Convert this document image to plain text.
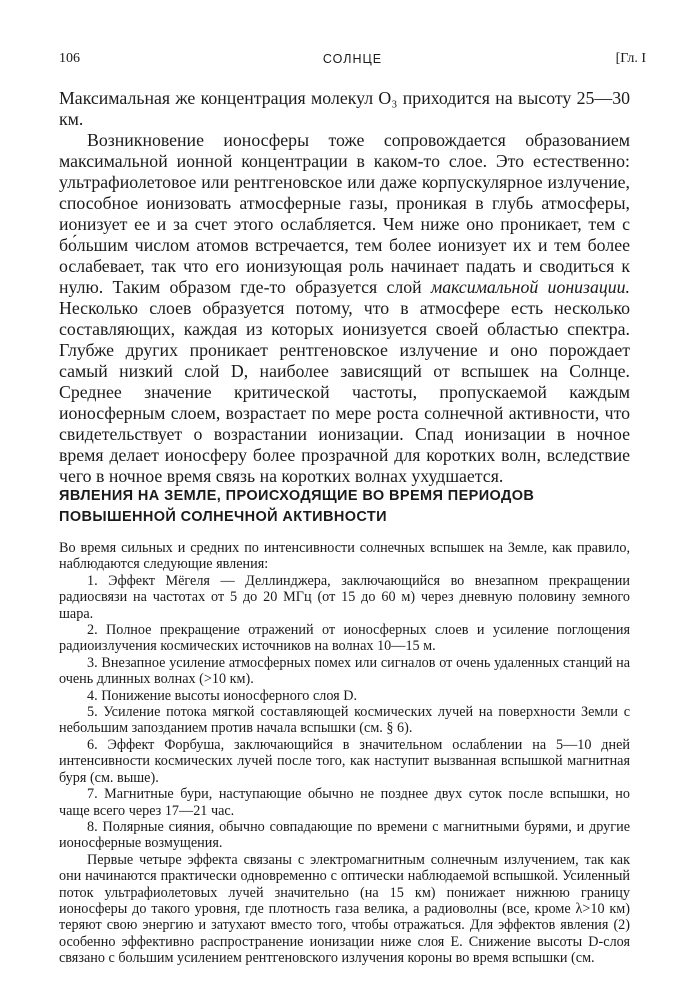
106	СОЛНЦЕ	[Гл. I

Максимальная же концентрация молекул O₃ приходится на высоту 25—30 км.

Возникновение ионосферы тоже сопровождается образованием максимальной ионной концентрации в каком-то слое. Это естественно: ультрафиолетовое или рентгеновское или даже корпускулярное излучение, способное ионизовать атмосферные газы, проникая в глубь атмосферы, ионизует ее и за счет этого ослабляется. Чем ниже оно проникает, тем с бо́льшим числом атомов встречается, тем более ионизует их и тем более ослабевает, так что его ионизующая роль начинает падать и сводиться к нулю. Таким образом где-то образуется слой максимальной ионизации. Несколько слоев образуется потому, что в атмосфере есть несколько составляющих, каждая из которых ионизуется своей областью спектра. Глубже других проникает рентгеновское излучение и оно порождает самый низкий слой D, наиболее зависящий от вспышек на Солнце. Среднее значение критической частоты, пропускаемой каждым ионосферным слоем, возрастает по мере роста солнечной активности, что свидетельствует о возрастании ионизации. Спад ионизации в ночное время делает ионосферу более прозрачной для коротких волн, вследствие чего в ночное время связь на коротких волнах ухудшается.

ЯВЛЕНИЯ НА ЗЕМЛЕ, ПРОИСХОДЯЩИЕ ВО ВРЕМЯ ПЕРИОДОВ ПОВЫШЕННОЙ СОЛНЕЧНОЙ АКТИВНОСТИ

Во время сильных и средних по интенсивности солнечных вспышек на Земле, как правило, наблюдаются следующие явления:

1. Эффект Мёгеля — Деллинджера, заключающийся во внезапном прекращении радиосвязи на частотах от 5 до 20 МГц (от 15 до 60 м) через дневную половину земного шара.

2. Полное прекращение отражений от ионосферных слоев и усиление поглощения радиоизлучения космических источников на волнах 10—15 м.

3. Внезапное усиление атмосферных помех или сигналов от очень удаленных станций на очень длинных волнах (>10 км).

4. Понижение высоты ионосферного слоя D.

5. Усиление потока мягкой составляющей космических лучей на поверхности Земли с небольшим запозданием против начала вспышки (см. § 6).

6. Эффект Форбуша, заключающийся в значительном ослаблении на 5—10 дней интенсивности космических лучей после того, как наступит вызванная вспышкой магнитная буря (см. выше).

7. Магнитные бури, наступающие обычно не позднее двух суток после вспышки, но чаще всего через 17—21 час.

8. Полярные сияния, обычно совпадающие по времени с магнитными бурями, и другие ионосферные возмущения.

Первые четыре эффекта связаны с электромагнитным солнечным излучением, так как они начинаются практически одновременно с оптически наблюдаемой вспышкой. Усиленный поток ультрафиолетовых лучей значительно (на 15 км) понижает нижнюю границу ионосферы до такого уровня, где плотность газа велика, а радиоволны (все, кроме λ>10 км) теряют свою энергию и затухают вместо того, чтобы отражаться. Для эффектов явления (2) особенно эффективно распространение ионизации ниже слоя E. Снижение высоты D-слоя связано с большим усилением рентгеновского излучения короны во время вспышки (см.
